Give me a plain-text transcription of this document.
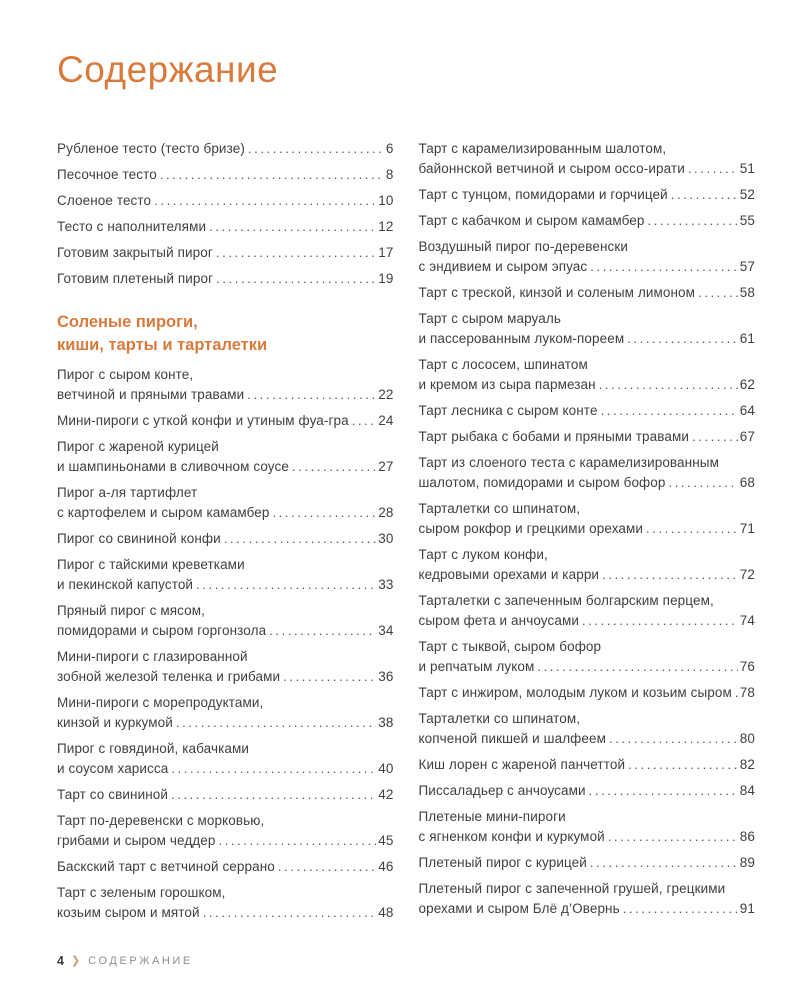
Содержание
Рубленое тесто (тесто бризе) .....	6
Песочное тесто .....	8
Слоеное тесто .....	10
Тесто с наполнителями .....	12
Готовим закрытый пирог .....	17
Готовим плетеный пирог .....	19
Соленые пироги,
киши, тарты и тарталетки
Пирог с сыром конте,
ветчиной и пряными травами .....	22
Мини-пироги с уткой конфи и утиным фуа-гра ..... 24
Пирог с жареной курицей
и шампиньонами в сливочном соусе .....	27
Пирог а-ля тартифлет
с картофелем и сыром камамбер .....	28
Пирог со свининой конфи .....	30
Пирог с тайскими креветками
и пекинской капустой .....	33
Пряный пирог с мясом,
помидорами и сыром горгонзола .....	34
Мини-пироги с глазированной
зобной железой теленка и грибами .....	36
Мини-пироги с морепродуктами,
кинзой и куркумой .....	38
Пирог с говядиной, кабачками
и соусом харисса .....	40
Тарт со свининой .....	42
Тарт по-деревенски с морковью,
грибами и сыром чеддер .....	45
Баскский тарт с ветчиной серрано .....	46
Тарт с зеленым горошком,
козьим сыром и мятой .....	48
Тарт с карамелизированным шалотом,
байоннской ветчиной и сыром оссо-ирати .....	51
Тарт с тунцом, помидорами и горчицей .....	52
Тарт с кабачком и сыром камамбер .....	55
Воздушный пирог по-деревенски
с эндивием и сыром эпуас .....	57
Тарт с треской, кинзой и соленым лимоном .....	58
Тарт с сыром маруаль
и пассерованным луком-пореем .....	61
Тарт с лососем, шпинатом
и кремом из сыра пармезан .....	62
Тарт лесника с сыром конте .....	64
Тарт рыбака с бобами и пряными травами .....	67
Тарт из слоеного теста с карамелизированным
шалотом, помидорами и сыром бофор .....	68
Тарталетки со шпинатом,
сыром рокфор и грецкими орехами .....	71
Тарт с луком конфи,
кедровыми орехами и карри .....	72
Тарталетки с запеченным болгарским перцем,
сыром фета и анчоусами .....	74
Тарт с тыквой, сыром бофор
и репчатым луком .....	76
Тарт с инжиром, молодым луком и козьим сыром ..... 78
Тарталетки со шпинатом,
копченой пикшей и шалфеем .....	80
Киш лорен с жареной панчеттой .....	82
Писсаладьер с анчоусами .....	84
Плетеные мини-пироги
с ягненком конфи и куркумой .....	86
Плетеный пирог с курицей .....	89
Плетеный пирог с запеченной грушей, грецкими
орехами и сыром Блё д’Овернь .....	91
4 ❯ СОДЕРЖАНИЕ
